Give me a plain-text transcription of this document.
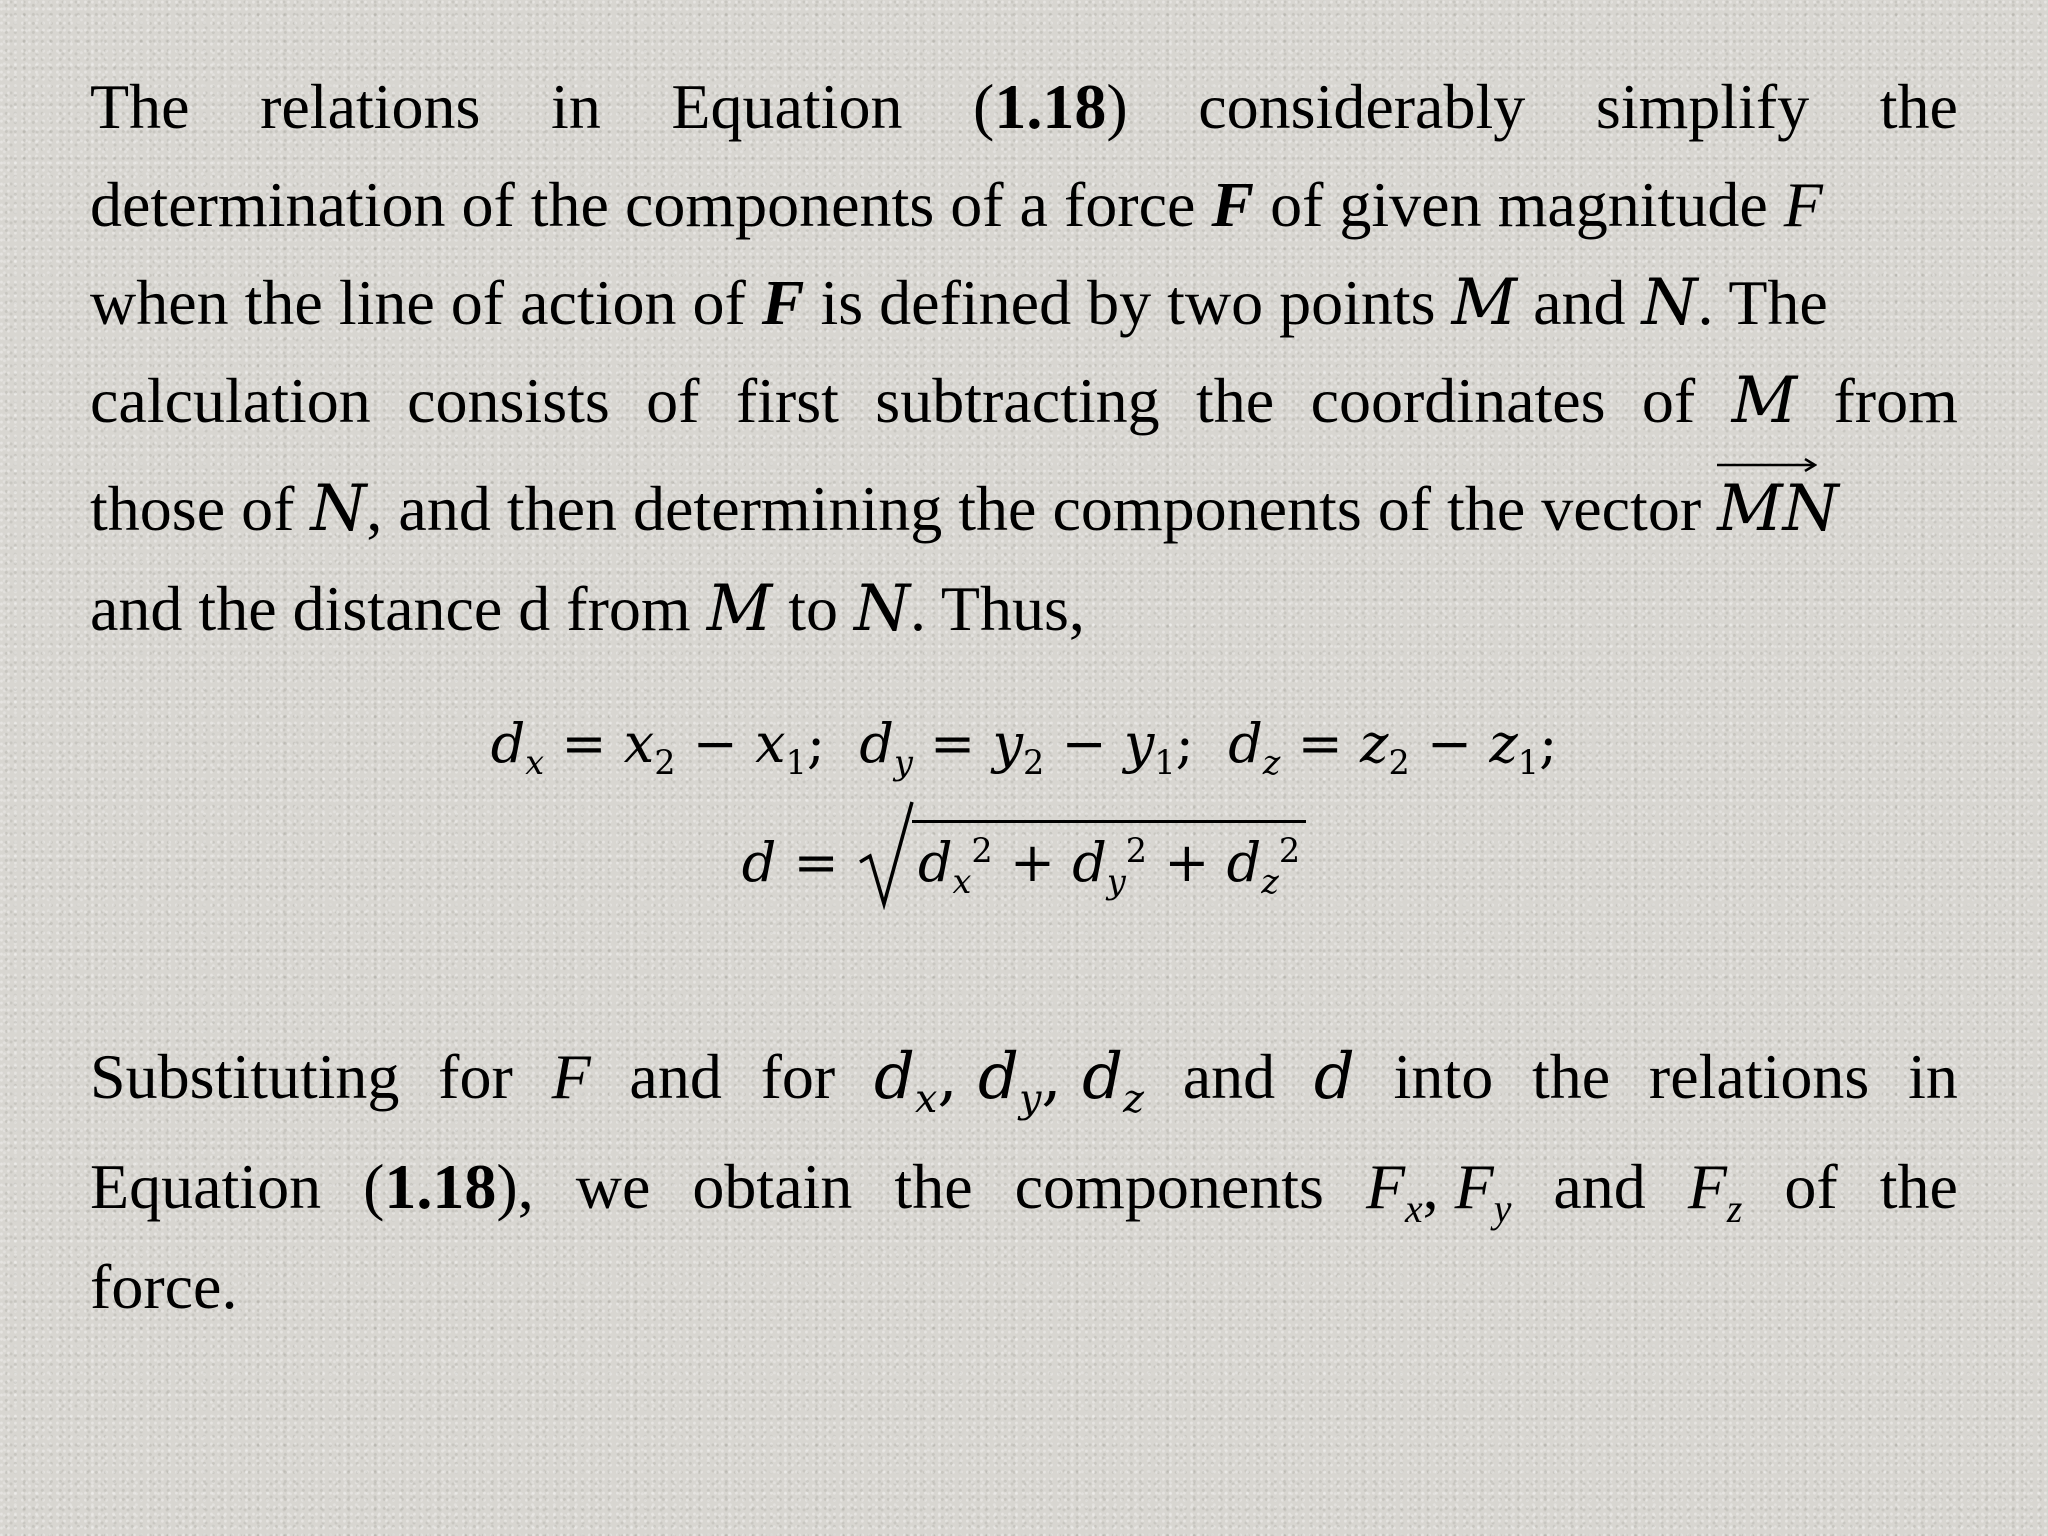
The relations in Equation (1.18) considerably simplify the
determination of the components of a force F of given magnitude F
when the line of action of F is defined by two points M and N. The
calculation consists of first subtracting the coordinates of M from
those of N, and then determining the components of the vector
MN
and the distance d from M to N. Thus,
$d_x = x_2 - x_1$;  $d_y = y_2 - y_1$;  $d_z = z_2 - z_1$;
d =
$d_x^2 + d_y^2 + d_z^2$
Substituting for F and for $d_x$, $d_y$, $d_z$ and d into the relations in
Equation (1.18), we obtain the components $F_x$, $F_y$ and $F_z$ of the
force.
